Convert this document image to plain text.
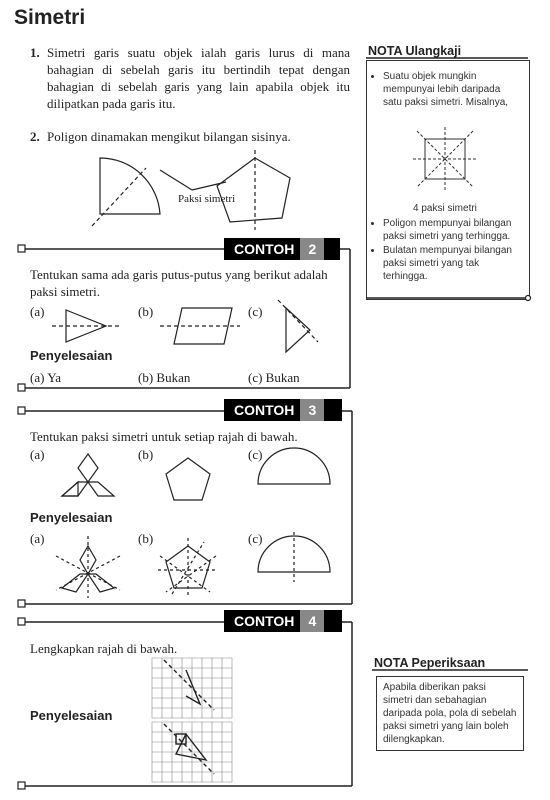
Simetri
1. Simetri garis suatu objek ialah garis lurus di mana bahagian di sebelah garis itu bertindih tepat dengan bahagian di sebelah garis yang lain apabila objek itu dilipatkan pada garis itu.
2. Poligon dinamakan mengikut bilangan sisinya.
Paksi simetri
NOTA Ulangkaji
• Suatu objek mungkin mempunyai lebih daripada satu paksi simetri. Misalnya,
4 paksi simetri
• Poligon mempunyai bilangan paksi simetri yang terhingga.
• Bulatan mempunyai bilangan paksi simetri yang tak terhingga.
CONTOH 2
Tentukan sama ada garis putus-putus yang berikut adalah paksi simetri.
(a)	(b)	(c)
Penyelesaian
(a) Ya	(b) Bukan	(c) Bukan
CONTOH 3
Tentukan paksi simetri untuk setiap rajah di bawah.
(a)	(b)	(c)
Penyelesaian
(a)	(b)	(c)
CONTOH 4
Lengkapkan rajah di bawah.
Penyelesaian
NOTA Peperiksaan
Apabila diberikan paksi simetri dan sebahagian daripada pola, pola di sebelah paksi simetri yang lain boleh dilengkapkan.
